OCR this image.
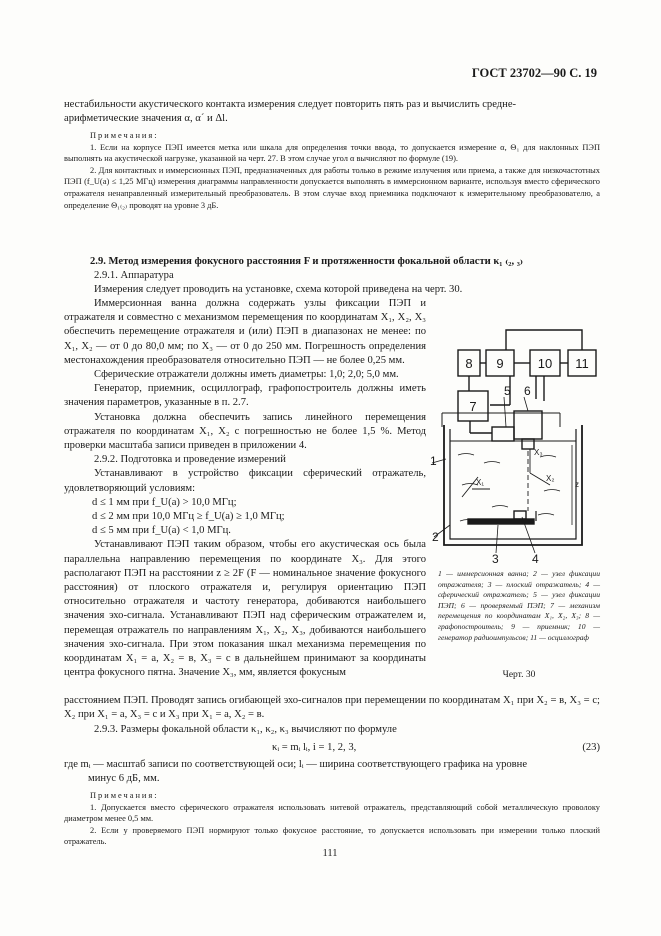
ГОСТ 23702—90 С. 19
нестабильности акустического контакта измерения следует повторить пять раз и вычислить средне-
арифметические значения α, α´ и Δl.
Примечания:
1. Если на корпусе ПЭП имеется метка или шкала для определения точки ввода, то допускается измерение α, Θ₁ для наклонных ПЭП выполнять на акустической нагрузке, указанной на черт. 27. В этом случае угол α вычисляют по формуле (19).
2. Для контактных и иммерсионных ПЭП, предназначенных для работы только в режиме излучения или приема, а также для низкочастотных ПЭП (f_U(a) ≤ 1,25 МГц) измерения диаграммы направленности допускается выполнять в иммерсионном варианте, используя вместо сферического отражателя ненаправленный измерительный преобразователь. В этом случае вход приемника подключают к измерительному преобразователю, а определение Θ₁₍₂₎ проводят на уровне 3 дБ.
2.9. Метод измерения фокусного расстояния F и протяженности фокальной области κ₁ ₍₂, ₃₎
2.9.1. Аппаратура
Измерения следует проводить на установке, схема которой приведена на черт. 30.
Иммерсионная ванна должна содержать узлы фиксации ПЭП и отражателя и совместно с механизмом перемещения по координатам X₁, X₂, X₃ обеспечить перемещение отражателя и (или) ПЭП в диапазонах не менее: по X₁, X₂ — от 0 до 80,0 мм; по X₃ — от 0 до 250 мм. Погрешность определения местонахождения преобразователя относительно ПЭП — не более 0,25 мм.
Сферические отражатели должны иметь диаметры: 1,0; 2,0; 5,0 мм.
Генератор, приемник, осциллограф, графопостроитель должны иметь значения параметров, указанные в п. 2.7.
Установка должна обеспечить запись линейного перемещения отражателя по координатам X₁, X₂ с погрешностью не более 1,5 %. Метод проверки масштаба записи приведен в приложении 4.
2.9.2. Подготовка и проведение измерений
Устанавливают в устройство фиксации сферический отражатель, удовлетворяющий условиям:
d ≤ 1 мм при f_U(a) > 10,0 МГц;
d ≤ 2 мм при 10,0 МГц ≥ f_U(a) ≥ 1,0 МГц;
d ≤ 5 мм при f_U(a) < 1,0 МГц.
Устанавливают ПЭП таким образом, чтобы его акустическая ось была параллельна направлению перемещения по координате X₃. Для этого располагают ПЭП на расстоянии z ≥ 2F (F — номинальное значение фокусного расстояния) от плоского отражателя и, регулируя ориентацию ПЭП относительно отражателя и частоту генератора, добиваются наибольшего значения эхо-сигнала. Устанавливают ПЭП над сферическим отражателем и, перемещая отражатель по направлениям X₁, X₂, X₃, добиваются наибольшего значения эхо-сигнала. При этом показания шкал механизма перемещения по координатам X₁ = a, X₂ = в, X₃ = c в дальнейшем принимают за координаты центра фокусного пятна. Значение X₃, мм, является фокусным
8 9	10 11
7
5 6
1
2
3	4
X₃
X₂
X₁	z
1 — иммерсионная ванна; 2 — узел фиксации отражателя; 3 — плоский отражатель; 4 — сферический отражатель; 5 — узел фиксации ПЭП; 6 — проверяемый ПЭП; 7 — механизм перемещения по координатам X₁, X₂, X₃; 8 — графопостроитель; 9 — приемник; 10 — генератор радиоимпульсов; 11 — осциллограф
Черт. 30
расстоянием ПЭП. Проводят запись огибающей эхо-сигналов при перемещении по координатам X₁ при X₂ = в, X₃ = c; X₂ при X₁ = a, X₃ = c и X₃ при X₁ = a, X₂ = в.
2.9.3. Размеры фокальной области κ₁, κ₂, κ₃ вычисляют по формуле
κᵢ = mᵢ lᵢ, i = 1, 2, 3,	(23)
где mᵢ — масштаб записи по соответствующей оси; lᵢ — ширина соответствующего графика на уровне
минус 6 дБ, мм.
Примечания:
1. Допускается вместо сферического отражателя использовать нитевой отражатель, представляющий собой металлическую проволоку диаметром менее 0,5 мм.
2. Если у проверяемого ПЭП нормируют только фокусное расстояние, то допускается использовать при измерении только плоский отражатель.
111
